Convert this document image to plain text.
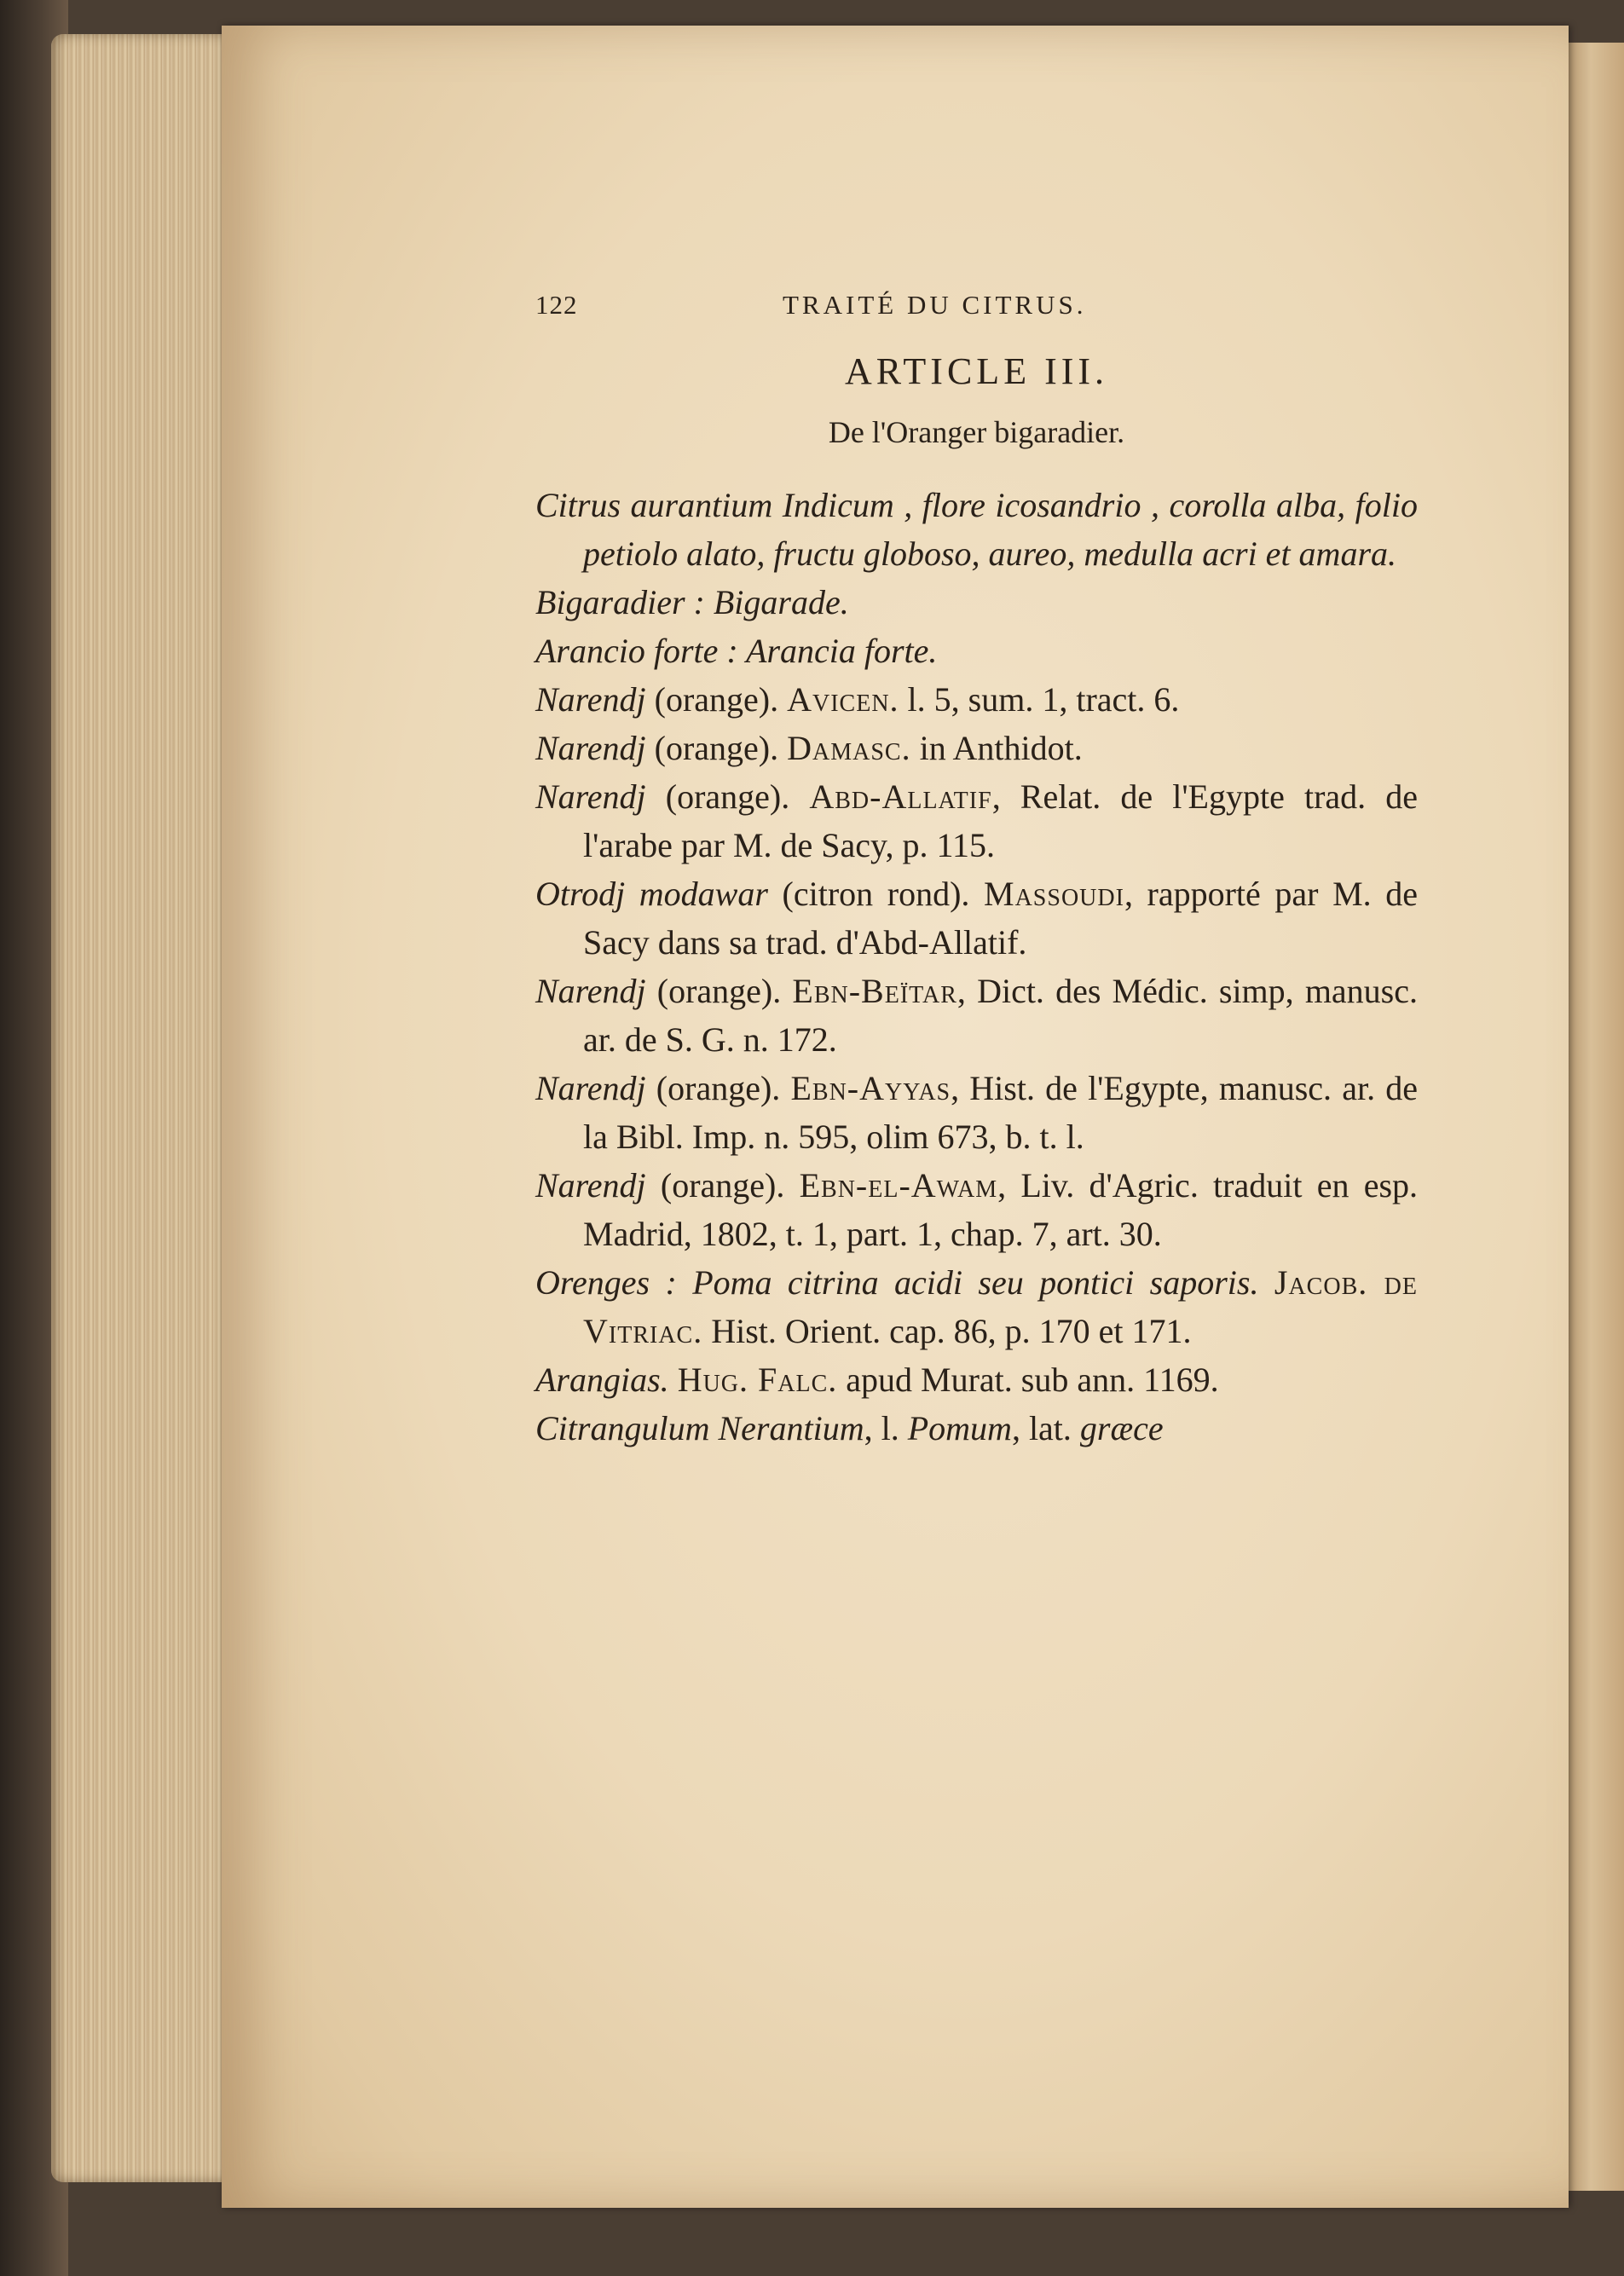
122	TRAITÉ DU CITRUS.
ARTICLE III.
De l'Oranger bigaradier.
Citrus aurantium Indicum , flore icosandrio , corolla alba, folio petiolo alato, fructu globoso, aureo, medulla acri et amara.
Bigaradier : Bigarade.
Arancio forte : Arancia forte.
Narendj (orange). Avicen. l. 5, sum. 1, tract. 6.
Narendj (orange). Damasc. in Anthidot.
Narendj (orange). Abd-Allatif, Relat. de l'Egypte trad. de l'arabe par M. de Sacy, p. 115.
Otrodj modawar (citron rond). Massoudi, rapporté par M. de Sacy dans sa trad. d'Abd-Allatif.
Narendj (orange). Ebn-Beïtar, Dict. des Médic. simp, manusc. ar. de S. G. n. 172.
Narendj (orange). Ebn-Ayyas, Hist. de l'Egypte, manusc. ar. de la Bibl. Imp. n. 595, olim 673, b. t. l.
Narendj (orange). Ebn-el-Awam, Liv. d'Agric. traduit en esp. Madrid, 1802, t. 1, part. 1, chap. 7, art. 30.
Orenges : Poma citrina acidi seu pontici saporis. Jacob. de Vitriac. Hist. Orient. cap. 86, p. 170 et 171.
Arangias. Hug. Falc. apud Murat. sub ann. 1169.
Citrangulum Nerantium, l. Pomum, lat. græce
